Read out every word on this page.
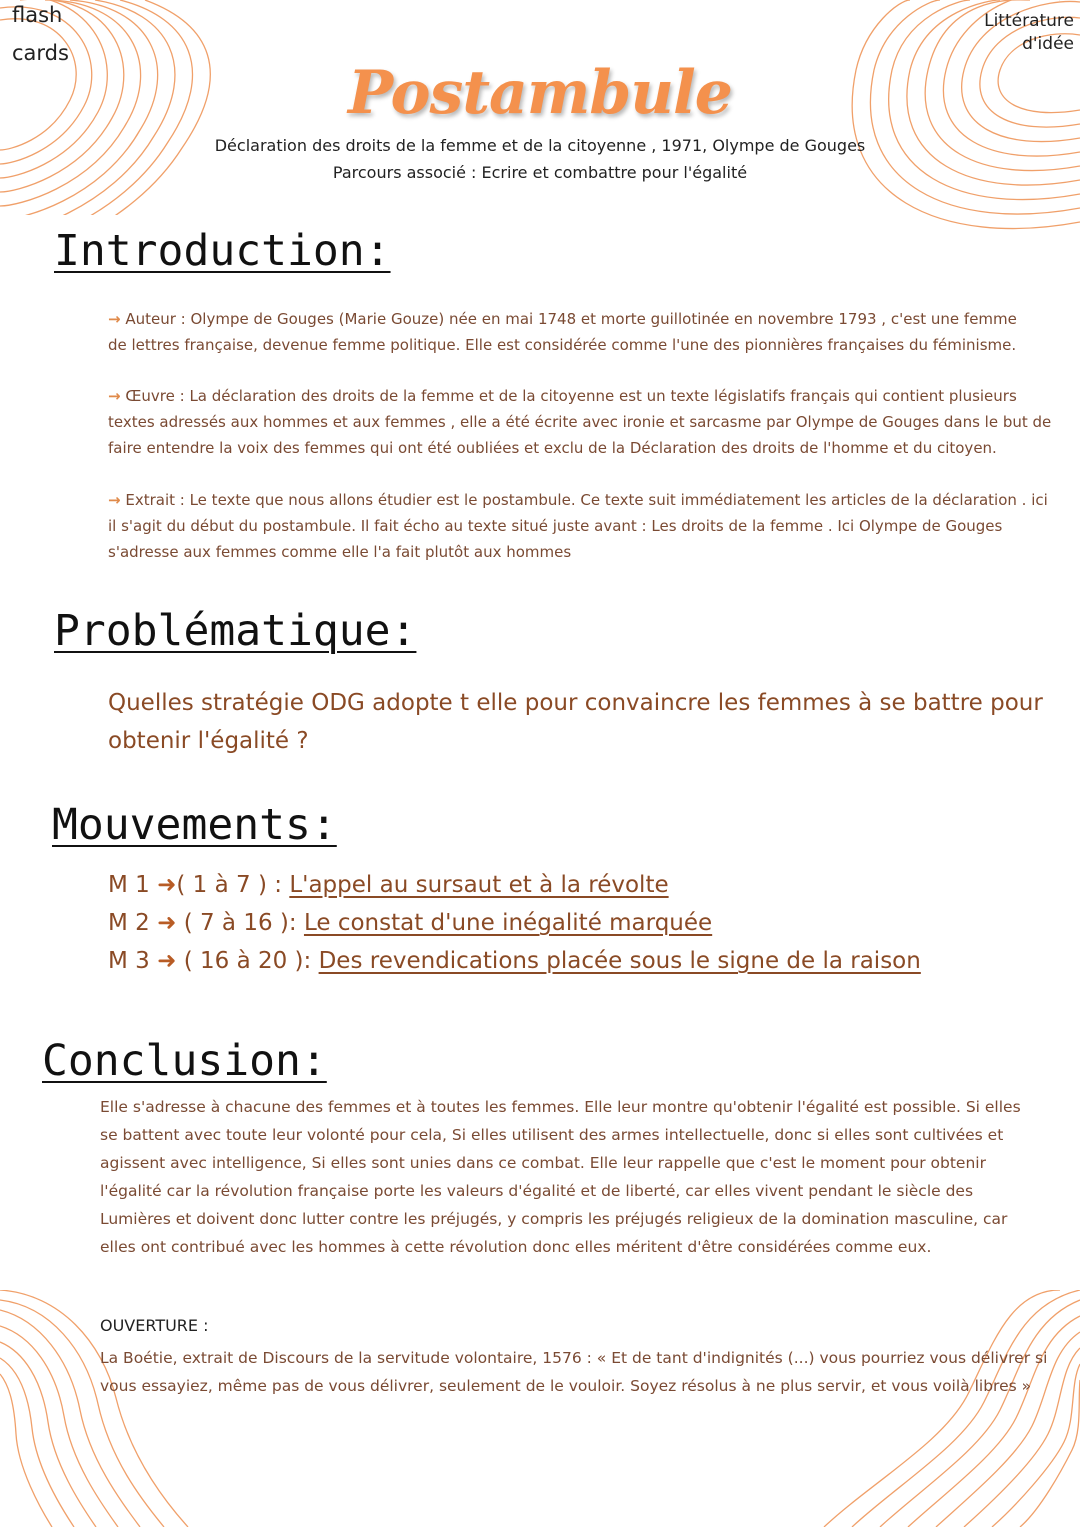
flash
cards
Littérature
d'idée
Postambule
Déclaration des droits de la femme et de la citoyenne , 1971, Olympe de Gouges
Parcours associé : Ecrire et combattre pour l'égalité
Introduction:
→ Auteur : Olympe de Gouges (Marie Gouze) née en mai 1748 et morte guillotinée en novembre 1793 , c'est une femme de lettres française, devenue femme politique. Elle est considérée comme l'une des pionnières françaises du féminisme.
→ Œuvre : La déclaration des droits de la femme et de la citoyenne est un texte législatifs français qui contient plusieurs textes adressés aux hommes et aux femmes , elle a été écrite avec ironie et sarcasme par Olympe de Gouges dans le but de faire entendre la voix des femmes qui ont été oubliées et exclu de la Déclaration des droits de l'homme et du citoyen.
→ Extrait : Le texte que nous allons étudier est le postambule. Ce texte suit immédiatement les articles de la déclaration . ici il s'agit du début du postambule. Il fait écho au texte situé juste avant : Les droits de la femme . Ici Olympe de Gouges s'adresse aux femmes comme elle l'a fait plutôt aux hommes
Problématique:
Quelles stratégie ODG adopte t elle pour convaincre les femmes à se battre pour obtenir l'égalité ?
Mouvements:
M 1 ➜( 1 à 7 ) : L'appel au sursaut et à la révolte
M 2 ➜ ( 7 à 16 ): Le constat d'une inégalité marquée
M 3 ➜ ( 16 à 20 ): Des revendications placée sous le signe de la raison
Conclusion:
Elle s'adresse à chacune des femmes et à toutes les femmes. Elle leur montre qu'obtenir l'égalité est possible. Si elles se battent avec toute leur volonté pour cela, Si elles utilisent des armes intellectuelle, donc si elles sont cultivées et agissent avec intelligence, Si elles sont unies dans ce combat. Elle leur rappelle que c'est le moment pour obtenir l'égalité car la révolution française porte les valeurs d'égalité et de liberté, car elles vivent pendant le siècle des Lumières et doivent donc lutter contre les préjugés, y compris les préjugés religieux de la domination masculine, car elles ont contribué avec les hommes à cette révolution donc elles méritent d'être considérées comme eux.
OUVERTURE :
La Boétie, extrait de Discours de la servitude volontaire, 1576 : « Et de tant d'indignités (...) vous pourriez vous délivrer si vous essayiez, même pas de vous délivrer, seulement de le vouloir. Soyez résolus à ne plus servir, et vous voilà libres »
